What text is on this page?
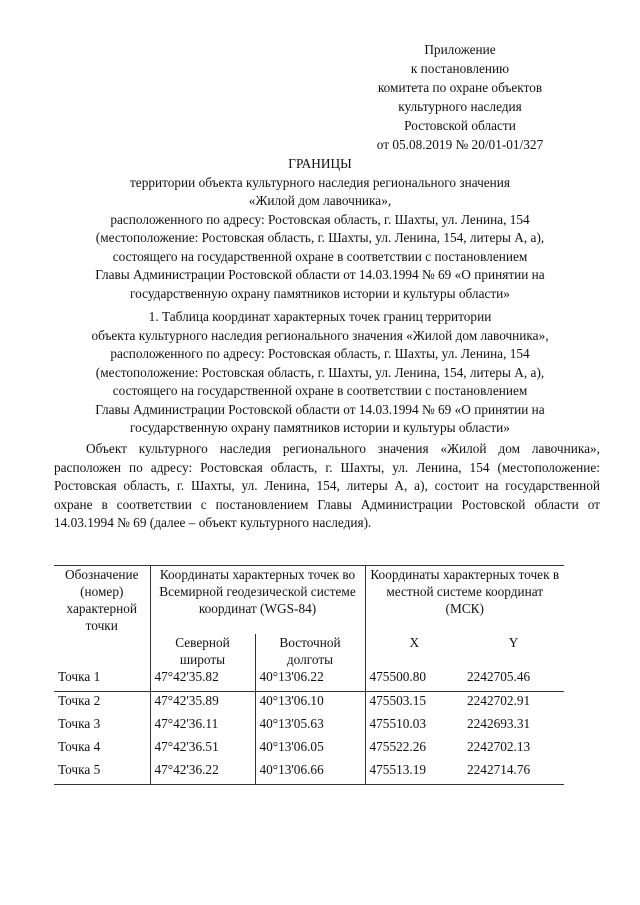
Приложение
к постановлению
комитета по охране объектов
культурного наследия
Ростовской области
от 05.08.2019 № 20/01-01/327
ГРАНИЦЫ
территории объекта культурного наследия регионального значения
«Жилой дом лавочника»,
расположенного по адресу: Ростовская область, г. Шахты, ул. Ленина, 154
(местоположение: Ростовская область, г. Шахты, ул. Ленина, 154, литеры А, а),
состоящего на государственной охране в соответствии с постановлением
Главы Администрации Ростовской области от 14.03.1994 № 69 «О принятии на
государственную охрану памятников истории и культуры области»
1. Таблица координат характерных точек границ территории
объекта культурного наследия регионального значения «Жилой дом лавочника»,
расположенного по адресу: Ростовская область, г. Шахты, ул. Ленина, 154
(местоположение: Ростовская область, г. Шахты, ул. Ленина, 154, литеры А, а),
состоящего на государственной охране в соответствии с постановлением
Главы Администрации Ростовской области от 14.03.1994 № 69 «О принятии на
государственную охрану памятников истории и культуры области»
Объект культурного наследия регионального значения «Жилой дом лавочника», расположен по адресу: Ростовская область, г. Шахты, ул. Ленина, 154 (местоположение: Ростовская область, г. Шахты, ул. Ленина, 154, литеры А, а), состоит на государственной охране в соответствии с постановлением Главы Администрации Ростовской области от 14.03.1994 № 69 (далее – объект культурного наследия).
Обозначение (номер) характерной точки	Координаты характерных точек во Всемирной геодезической системе координат (WGS-84)		Координаты характерных точек в местной системе координат (МСК)	
	Северной широты	Восточной долготы	X	Y
Точка 1	47°42'35.82	40°13'06.22	475500.80	2242705.46
Точка 2	47°42'35.89	40°13'06.10	475503.15	2242702.91
Точка 3	47°42'36.11	40°13'05.63	475510.03	2242693.31
Точка 4	47°42'36.51	40°13'06.05	475522.26	2242702.13
Точка 5	47°42'36.22	40°13'06.66	475513.19	2242714.76
